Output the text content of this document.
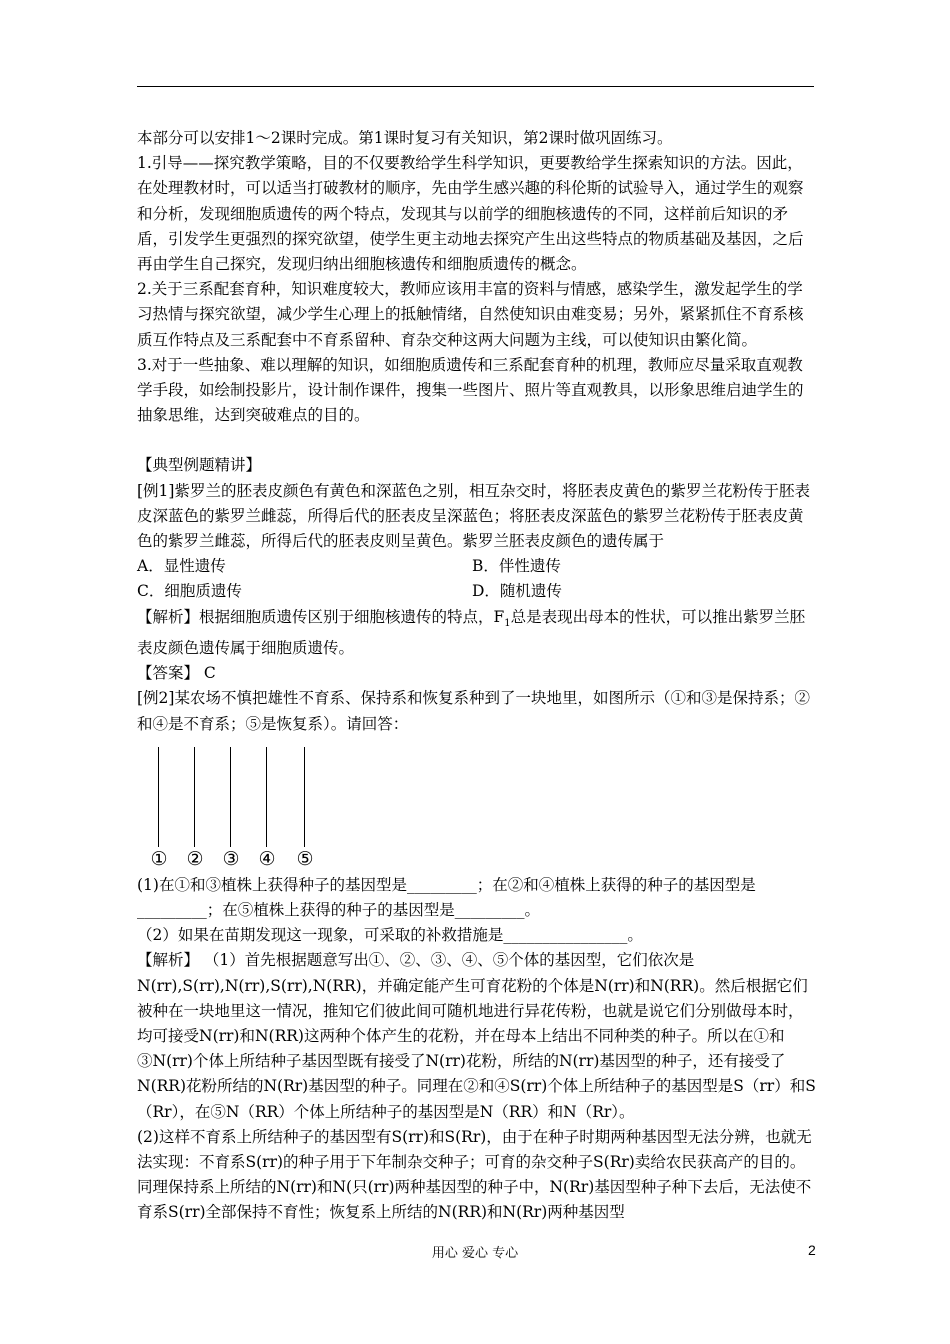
本部分可以安排1～2课时完成。第1课时复习有关知识，第2课时做巩固练习。

1.引导——探究教学策略，目的不仅要教给学生科学知识，更要教给学生探索知识的方法。因此，在处理教材时，可以适当打破教材的顺序，先由学生感兴趣的科伦斯的试验导入，通过学生的观察和分析，发现细胞质遗传的两个特点，发现其与以前学的细胞核遗传的不同，这样前后知识的矛盾，引发学生更强烈的探究欲望，使学生更主动地去探究产生出这些特点的物质基础及基因，之后再由学生自己探究，发现归纳出细胞核遗传和细胞质遗传的概念。

2.关于三系配套育种，知识难度较大，教师应该用丰富的资料与情感，感染学生，激发起学生的学习热情与探究欲望，减少学生心理上的抵触情绪，自然使知识由难变易；另外，紧紧抓住不育系核质互作特点及三系配套中不育系留种、育杂交种这两大问题为主线，可以使知识由繁化简。

3.对于一些抽象、难以理解的知识，如细胞质遗传和三系配套育种的机理，教师应尽量采取直观教学手段，如绘制投影片，设计制作课件，搜集一些图片、照片等直观教具，以形象思维启迪学生的抽象思维，达到突破难点的目的。

【典型例题精讲】

[例1]紫罗兰的胚表皮颜色有黄色和深蓝色之别，相互杂交时，将胚表皮黄色的紫罗兰花粉传于胚表皮深蓝色的紫罗兰雌蕊，所得后代的胚表皮呈深蓝色；将胚表皮深蓝色的紫罗兰花粉传于胚表皮黄色的紫罗兰雌蕊，所得后代的胚表皮则呈黄色。紫罗兰胚表皮颜色的遗传属于

A．显性遗传	B．伴性遗传
C．细胞质遗传	D．随机遗传

【解析】根据细胞质遗传区别于细胞核遗传的特点，$F_1$总是表现出母本的性状，可以推出紫罗兰胚表皮颜色遗传属于细胞质遗传。

【答案】 C

[例2]某农场不慎把雄性不育系、保持系和恢复系种到了一块地里，如图所示（①和③是保持系；②和④是不育系；⑤是恢复系）。请回答：

① ② ③ ④ ⑤

(1)在①和③植株上获得种子的基因型是_________；在②和④植株上获得的种子的基因型是_________；在⑤植株上获得的种子的基因型是_________。

（2）如果在苗期发现这一现象，可采取的补救措施是________________。

【解析】 （1）首先根据题意写出①、②、③、④、⑤个体的基因型，它们依次是N(rr),S(rr),N(rr),S(rr),N(RR)，并确定能产生可育花粉的个体是N(rr)和N(RR)。然后根据它们被种在一块地里这一情况，推知它们彼此间可随机地进行异花传粉，也就是说它们分别做母本时，均可接受N(rr)和N(RR)这两种个体产生的花粉，并在母本上结出不同种类的种子。所以在①和③N(rr)个体上所结种子基因型既有接受了N(rr)花粉，所结的N(rr)基因型的种子，还有接受了N(RR)花粉所结的N(Rr)基因型的种子。同理在②和④S(rr)个体上所结种子的基因型是S（rr）和S（Rr），在⑤N（RR）个体上所结种子的基因型是N（RR）和N（Rr）。

(2)这样不育系上所结种子的基因型有S(rr)和S(Rr)，由于在种子时期两种基因型无法分辨，也就无法实现：不育系S(rr)的种子用于下年制杂交种子；可育的杂交种子S(Rr)卖给农民获高产的目的。同理保持系上所结的N(rr)和N(只(rr)两种基因型的种子中，N(Rr)基因型种子种下去后，无法使不育系S(rr)全部保持不育性；恢复系上所结的N(RR)和N(Rr)两种基因型

用心 爱心 专心	2
